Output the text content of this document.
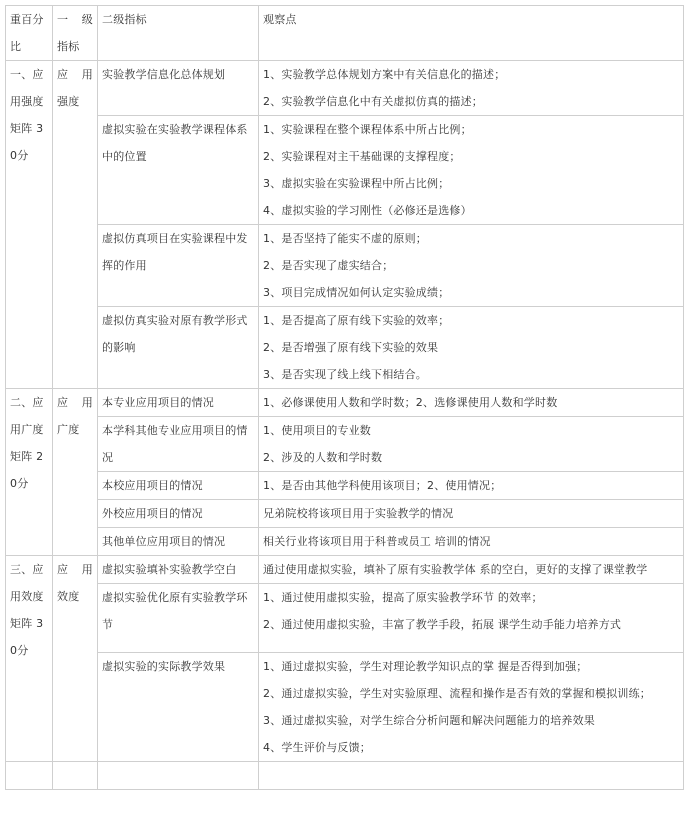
重百分比	一 级指标	二级指标	观察点
一、应用强度矩阵 30分	应 用强度	实验教学信息化总体规划	1、实验教学总体规划方案中有关信息化的描述；
2、实验教学信息化中有关虚拟仿真的描述；

		虚拟实验在实验教学课程体系中的位置	1、实验课程在整个课程体系中所占比例；
2、实验课程对主干基础课的支撑程度；
3、虚拟实验在实验课程中所占比例；
4、虚拟实验的学习刚性（必修还是选修）

		虚拟仿真项目在实验课程中发挥的作用	1、是否坚持了能实不虚的原则；
2、是否实现了虚实结合；
3、项目完成情况如何认定实验成绩；

		虚拟仿真实验对原有教学形式的影响	1、是否提高了原有线下实验的效率；
2、是否增强了原有线下实验的效果
3、是否实现了线上线下相结合。

二、应用广度矩阵 20分	应 用广度	本专业应用项目的情况	1、必修课使用人数和学时数；2、选修课使用人数和学时数

		本学科其他专业应用项目的情况	1、使用项目的专业数
2、涉及的人数和学时数

		本校应用项目的情况	1、是否由其他学科使用该项目；2、使用情况；

		外校应用项目的情况	兄弟院校将该项目用于实验教学的情况

		其他单位应用项目的情况	相关行业将该项目用于科普或员工 培训的情况

三、应用效度矩阵 30分	应 用效度	虚拟实验填补实验教学空白	通过使用虚拟实验，填补了原有实验教学体 系的空白，更好的支撑了课堂教学

		虚拟实验优化原有实验教学环节	1、通过使用虚拟实验，提高了原实验教学环节 的效率；
2、通过使用虚拟实验，丰富了教学手段，拓展 课学生动手能力培养方式

		虚拟实验的实际教学效果	1、通过虚拟实验，学生对理论教学知识点的掌 握是否得到加强；
2、通过虚拟实验，学生对实验原理、流程和操作是否有效的掌握和模拟训练；
3、通过虚拟实验，对学生综合分析问题和解决问题能力的培养效果
4、学生评价与反馈；
